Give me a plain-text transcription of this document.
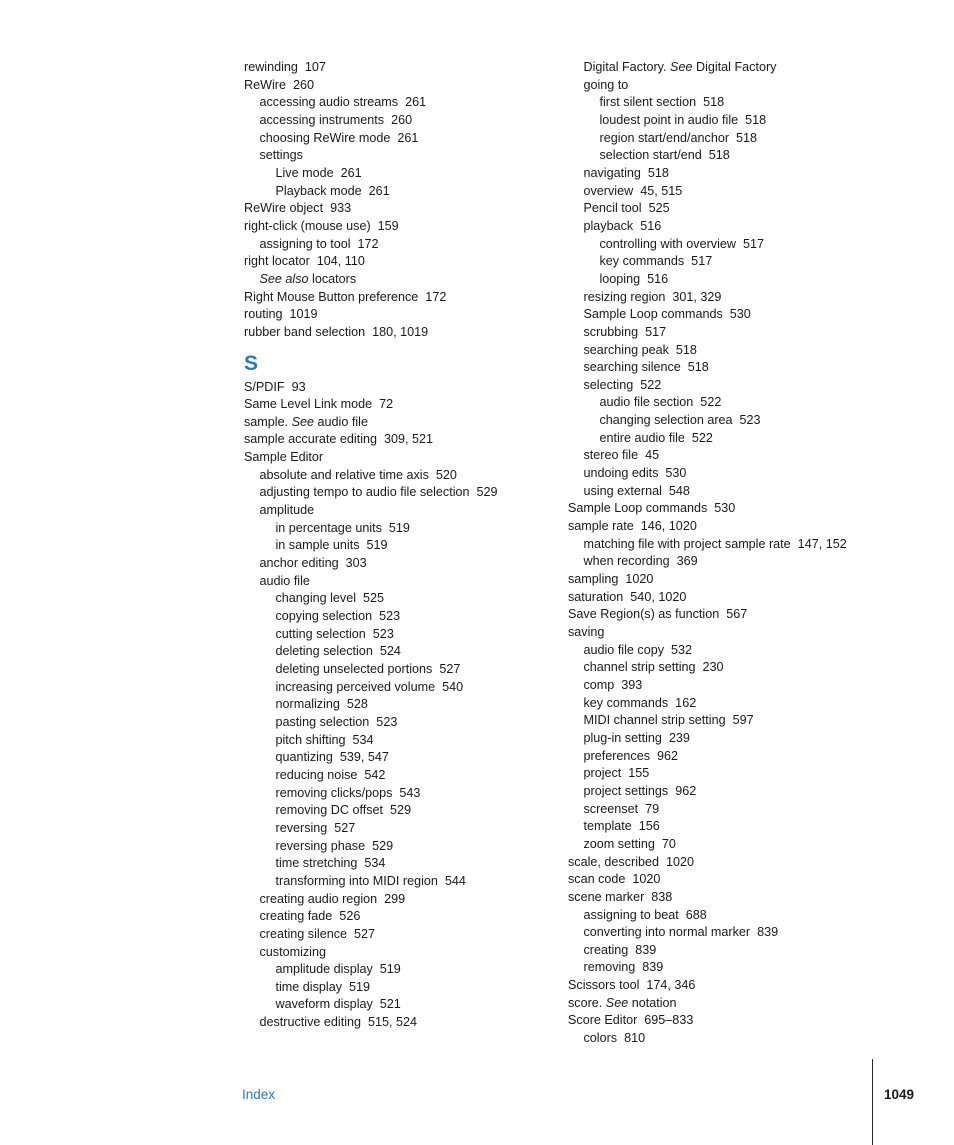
rewinding  107
ReWire  260
accessing audio streams  261
accessing instruments  260
choosing ReWire mode  261
settings
Live mode  261
Playback mode  261
ReWire object  933
right-click (mouse use)  159
assigning to tool  172
right locator  104, 110
See also locators
Right Mouse Button preference  172
routing  1019
rubber band selection  180, 1019
S
S/PDIF  93
Same Level Link mode  72
sample. See audio file
sample accurate editing  309, 521
Sample Editor
absolute and relative time axis  520
adjusting tempo to audio file selection  529
amplitude
in percentage units  519
in sample units  519
anchor editing  303
audio file
changing level  525
copying selection  523
cutting selection  523
deleting selection  524
deleting unselected portions  527
increasing perceived volume  540
normalizing  528
pasting selection  523
pitch shifting  534
quantizing  539, 547
reducing noise  542
removing clicks/pops  543
removing DC offset  529
reversing  527
reversing phase  529
time stretching  534
transforming into MIDI region  544
creating audio region  299
creating fade  526
creating silence  527
customizing
amplitude display  519
time display  519
waveform display  521
destructive editing  515, 524
Digital Factory. See Digital Factory
going to
first silent section  518
loudest point in audio file  518
region start/end/anchor  518
selection start/end  518
navigating  518
overview  45, 515
Pencil tool  525
playback  516
controlling with overview  517
key commands  517
looping  516
resizing region  301, 329
Sample Loop commands  530
scrubbing  517
searching peak  518
searching silence  518
selecting  522
audio file section  522
changing selection area  523
entire audio file  522
stereo file  45
undoing edits  530
using external  548
Sample Loop commands  530
sample rate  146, 1020
matching file with project sample rate  147, 152
when recording  369
sampling  1020
saturation  540, 1020
Save Region(s) as function  567
saving
audio file copy  532
channel strip setting  230
comp  393
key commands  162
MIDI channel strip setting  597
plug-in setting  239
preferences  962
project  155
project settings  962
screenset  79
template  156
zoom setting  70
scale, described  1020
scan code  1020
scene marker  838
assigning to beat  688
converting into normal marker  839
creating  839
removing  839
Scissors tool  174, 346
score. See notation
Score Editor  695–833
colors  810
Index	1049
